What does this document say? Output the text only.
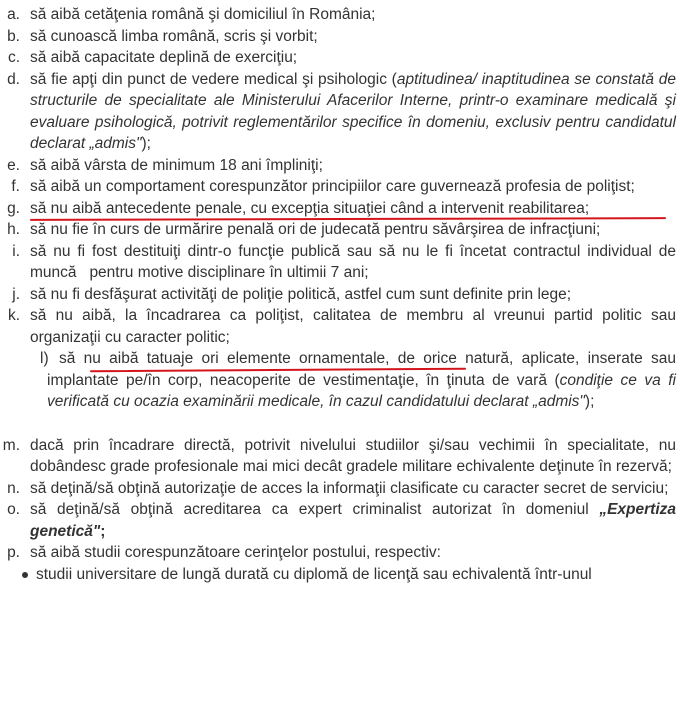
a. să aibă cetăţenia română şi domiciliul în România;
b. să cunoască limba română, scris şi vorbit;
c. să aibă capacitate deplină de exerciţiu;
d. să fie apţi din punct de vedere medical şi psihologic (aptitudinea/ inaptitudinea se constată de structurile de specialitate ale Ministerului Afacerilor Interne, printr-o examinare medicală şi evaluare psihologică, potrivit reglementărilor specifice în domeniu, exclusiv pentru candidatul declarat „admis");
e. să aibă vârsta de minimum 18 ani împliniţi;
f. să aibă un comportament corespunzător principiilor care guvernează profesia de poliţist;
g. să nu aibă antecedente penale, cu excepţia situaţiei când a intervenit reabilitarea;
h. să nu fie în curs de urmărire penală ori de judecată pentru săvârşirea de infracţiuni;
i. să nu fi fost destituiţi dintr-o funcţie publică sau să nu le fi încetat contractul individual de muncă   pentru motive disciplinare în ultimii 7 ani;
j. să nu fi desfăşurat activităţi de poliţie politică, astfel cum sunt definite prin lege;
k. să nu aibă, la încadrarea ca poliţist, calitatea de membru al vreunui partid politic sau organizaţii cu caracter politic;
l) să nu aibă tatuaje ori elemente ornamentale, de orice natură, aplicate, inserate sau implantate pe/în corp, neacoperite de vestimentaţie, în ţinuta de vară (condiţie ce va fi verificată cu ocazia examinării medicale, în cazul candidatului declarat „admis");
m. dacă prin încadrare directă, potrivit nivelului studiilor şi/sau vechimii în specialitate, nu dobândesc grade profesionale mai mici decât gradele militare echivalente deţinute în rezervă;
n. să deţină/să obţină autorizaţie de acces la informaţii clasificate cu caracter secret de serviciu;
o. să deţină/să obţină acreditarea ca expert criminalist autorizat în domeniul „Expertiza genetică";
p. să aibă studii corespunzătoare cerinţelor postului, respectiv:
studii universitare de lungă durată cu diplomă de licenţă sau echivalentă într-unul
